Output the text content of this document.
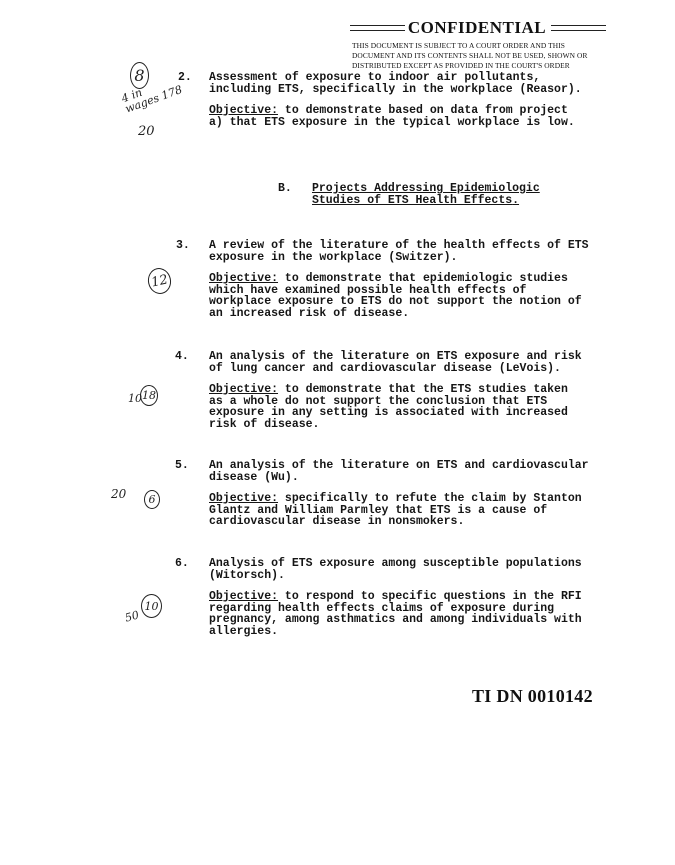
CONFIDENTIAL
THIS DOCUMENT IS SUBJECT TO A COURT ORDER AND THIS
DOCUMENT AND ITS CONTENTS SHALL NOT BE USED, SHOWN OR
DISTRIBUTED EXCEPT AS PROVIDED IN THE COURT'S ORDER
2. Assessment of exposure to indoor air pollutants,
including ETS, specifically in the workplace (Reasor).
Objective: to demonstrate based on data from project
a) that ETS exposure in the typical workplace is low.
B. Projects Addressing Epidemiologic
Studies of ETS Health Effects.
3. A review of the literature of the health effects of ETS
exposure in the workplace (Switzer).
Objective: to demonstrate that epidemiologic studies
which have examined possible health effects of
workplace exposure to ETS do not support the notion of
an increased risk of disease.
4. An analysis of the literature on ETS exposure and risk
of lung cancer and cardiovascular disease (LeVois).
Objective: to demonstrate that the ETS studies taken
as a whole do not support the conclusion that ETS
exposure in any setting is associated with increased
risk of disease.
5. An analysis of the literature on ETS and cardiovascular
disease (Wu).
Objective: specifically to refute the claim by Stanton
Glantz and William Parmley that ETS is a cause of
cardiovascular disease in nonsmokers.
6. Analysis of ETS exposure among susceptible populations
(Witorsch).
Objective: to respond to specific questions in the RFI
regarding health effects claims of exposure during
pregnancy, among asthmatics and among individuals with
allergies.
TI DN 0010142
8
4 in
wages 178
20
12
10 18
20	6
50
10
